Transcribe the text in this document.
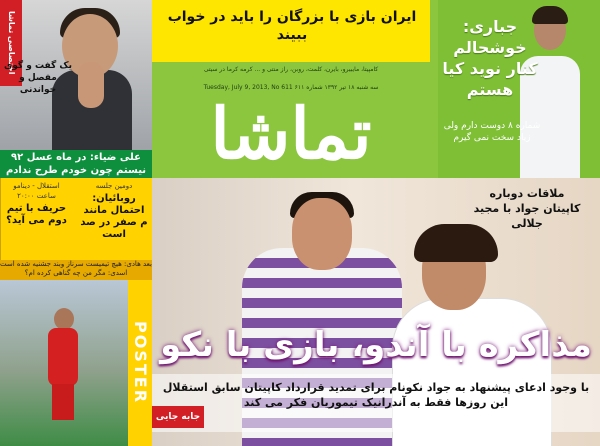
اختصاصی تماشا
یک گفت و گوی مفصل و خواندنی
علی ضیاء: در ماه عسل ۹۲ نیستم چون خودم طرح ندادم
دومین جلسه
روبائیان: احتمال مانند م صفر در صد است
استقلال - دینامو ساعت ۲۰:۰۰
حریف با تیم دوم می آید؟
بعد هادی: هیچ تیمیست سرناز وبند جشنیه شده است اسدی: مگر من چه گناهی کرده ام؟
POSTER
ایران بازی با بزرگان را باید در خواب ببیند
کامپیتا، مایبیرو، بایرن، کلمت، روبن، راز منتی و ... کرمه کرما در سیتی
سه شنبه ۱۸ تیر ۱۳۹۲ شماره ۶۱۱ Tuesday, July 9, 2013, No 611
تماشا
جباری: خوشحالم کنار نوید کیا هستم
شماره ۸ دوست دارم ولی زیاد سخت نمی گیرم
ملاقات دوباره کاپیتان جواد با مجید جلالی
مذاکره با آندو، بازی با نکو
با وجود ادعای پیشنهاد به جواد نکونام برای تمدید قرارداد کاپیتان سابق استقلال این روزها فقط به آندرانیک تیموریان فکر می کند
جابه جایی
